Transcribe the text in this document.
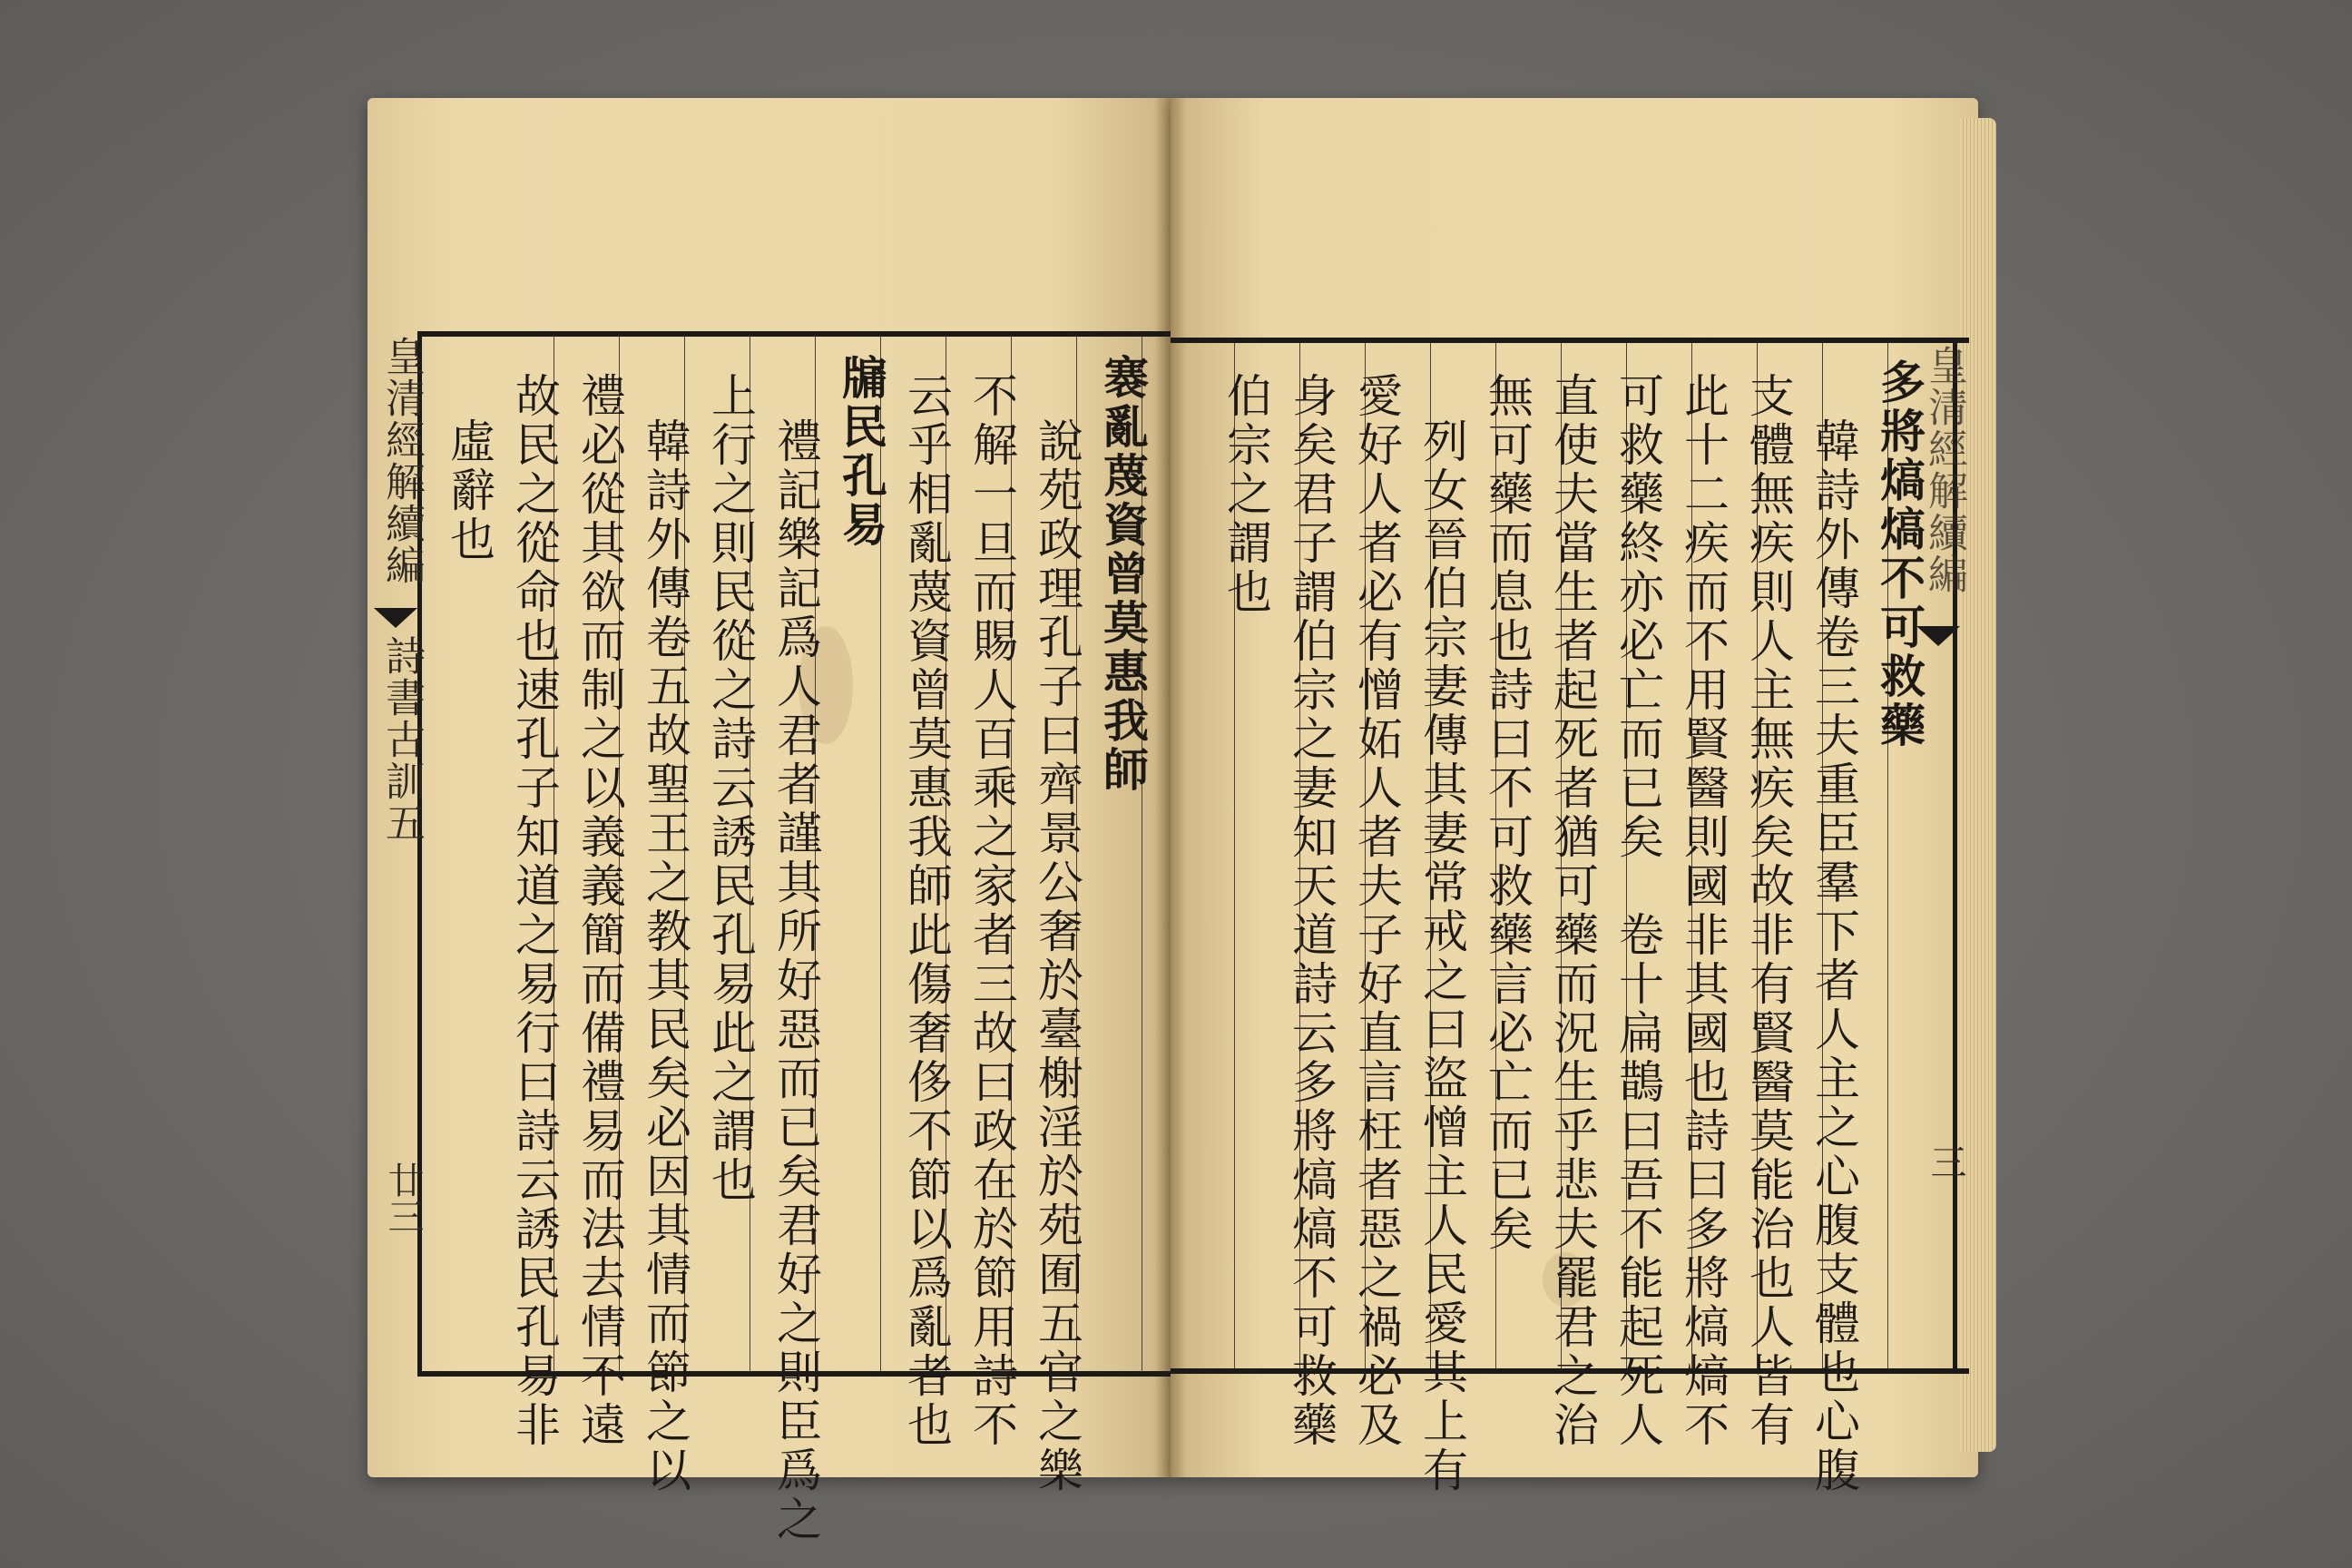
皇清經解續編
詩書古訓五
廿三
褰亂蔑資曾莫惠我師
說苑政理孔子曰齊景公奢於臺榭淫於苑囿五官之樂
不解一旦而賜人百乘之家者三故曰政在於節用詩不
云乎相亂蔑資曾莫惠我師此傷奢侈不節以爲亂者也
牖民孔易
禮記樂記爲人君者謹其所好惡而已矣君好之則臣爲之
上行之則民從之詩云誘民孔易此之謂也
韓詩外傳卷五故聖王之教其民矣必因其情而節之以
禮必從其欲而制之以義義簡而備禮易而法去情不遠
故民之從命也速孔子知道之易行曰詩云誘民孔易非
虛辭也	皇清經解續編
三
多將熇熇不可救藥
韓詩外傳卷三夫重臣羣下者人主之心腹支體也心腹
支體無疾則人主無疾矣故非有賢醫莫能治也人皆有
此十二疾而不用賢醫則國非其國也詩曰多將熇熇不
可救藥終亦必亡而已矣　卷十扁鵲曰吾不能起死人
直使夫當生者起死者猶可藥而況生乎悲夫罷君之治
無可藥而息也詩曰不可救藥言必亡而已矣
列女晉伯宗妻傳其妻常戒之曰盜憎主人民愛其上有
愛好人者必有憎妬人者夫子好直言枉者惡之禍必及
身矣君子謂伯宗之妻知天道詩云多將熇熇不可救藥
伯宗之謂也
